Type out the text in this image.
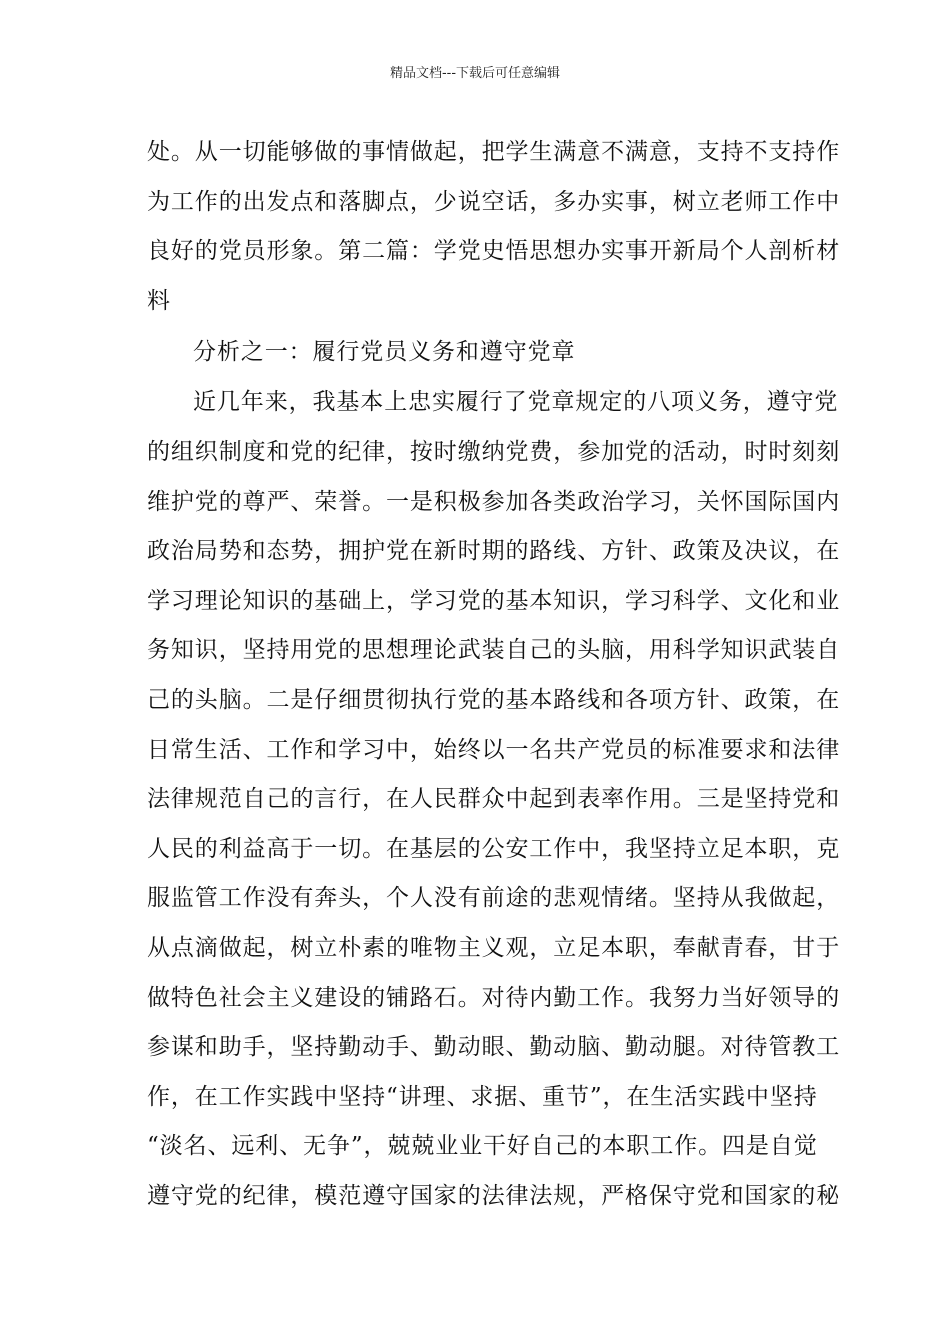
精品文档---下载后可任意编辑
处。从一切能够做的事情做起，把学生满意不满意，支持不支持作
为工作的出发点和落脚点，少说空话，多办实事，树立老师工作中
良好的党员形象。第二篇：学党史悟思想办实事开新局个人剖析材
料
分析之一：履行党员义务和遵守党章
近几年来，我基本上忠实履行了党章规定的八项义务，遵守党
的组织制度和党的纪律，按时缴纳党费，参加党的活动，时时刻刻
维护党的尊严、荣誉。一是积极参加各类政治学习，关怀国际国内
政治局势和态势，拥护党在新时期的路线、方针、政策及决议，在
学习理论知识的基础上，学习党的基本知识，学习科学、文化和业
务知识，坚持用党的思想理论武装自己的头脑，用科学知识武装自
己的头脑。二是仔细贯彻执行党的基本路线和各项方针、政策，在
日常生活、工作和学习中，始终以一名共产党员的标准要求和法律
法律规范自己的言行，在人民群众中起到表率作用。三是坚持党和
人民的利益高于一切。在基层的公安工作中，我坚持立足本职，克
服监管工作没有奔头，个人没有前途的悲观情绪。坚持从我做起，
从点滴做起，树立朴素的唯物主义观，立足本职，奉献青春，甘于
做特色社会主义建设的铺路石。对待内勤工作。我努力当好领导的
参谋和助手，坚持勤动手、勤动眼、勤动脑、勤动腿。对待管教工
作，在工作实践中坚持“讲理、求据、重节”，在生活实践中坚持
“淡名、远利、无争”，兢兢业业干好自己的本职工作。四是自觉
遵守党的纪律，模范遵守国家的法律法规，严格保守党和国家的秘
